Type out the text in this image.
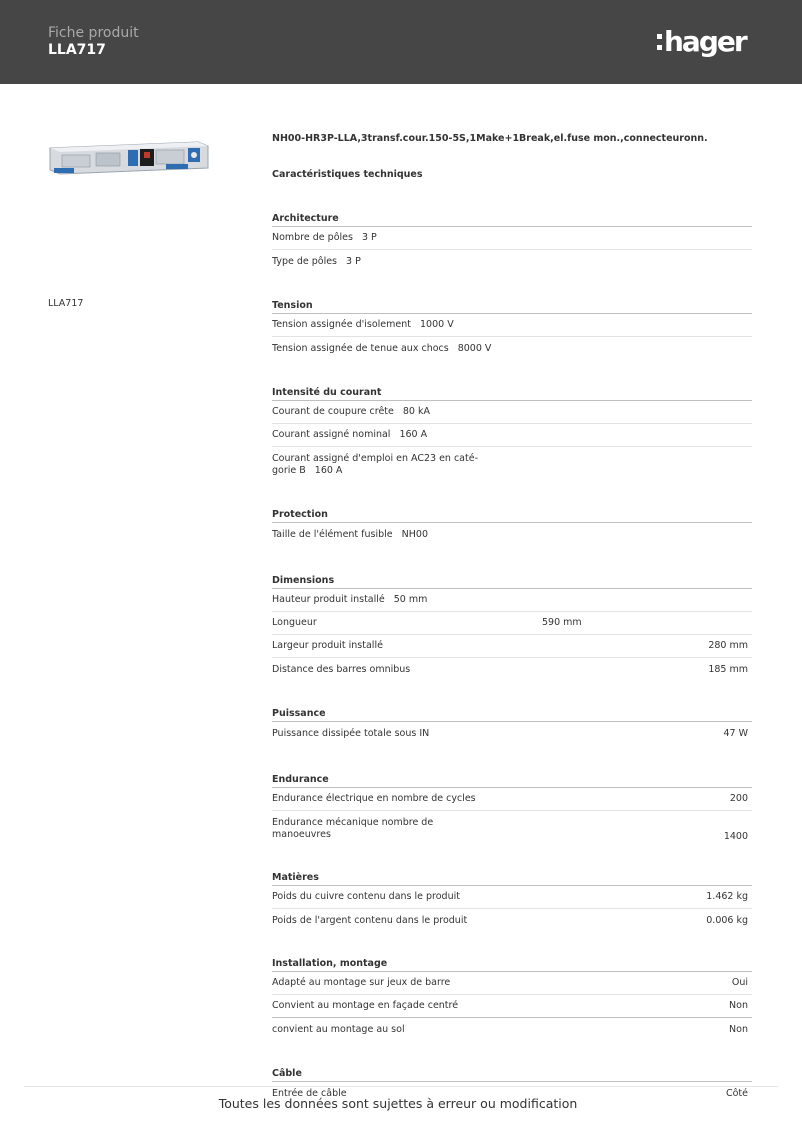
Fiche produit
LLA717	hager
LLA717
NH00-HR3P-LLA,3transf.cour.150-5S,1Make+1Break,el.fuse mon.,connecteuronn.
Caractéristiques techniques
Architecture
Nombre de pôles 3 P
Type de pôles 3 P
Tension
Tension assignée d'isolement 1000 V
Tension assignée de tenue aux chocs 8000 V
Intensité du courant
Courant de coupure crête 80 kA
Courant assigné nominal 160 A
Courant assigné d'emploi en AC23 en caté-
gorie B 160 A
Protection
Taille de l'élément fusible NH00
Dimensions
Hauteur produit installé 50 mm
Longueur	590 mm
Largeur produit installé	280 mm
Distance des barres omnibus	185 mm
Puissance
Puissance dissipée totale sous IN	47 W
Endurance
Endurance électrique en nombre de cycles	200
Endurance mécanique nombre de
manoeuvres	1400
Matières
Poids du cuivre contenu dans le produit	1.462 kg
Poids de l'argent contenu dans le produit	0.006 kg
Installation, montage
Adapté au montage sur jeux de barre	Oui
Convient au montage en façade centré	Non
convient au montage au sol	Non
Câble
Entrée de câble	Côté
Toutes les données sont sujettes à erreur ou modification
